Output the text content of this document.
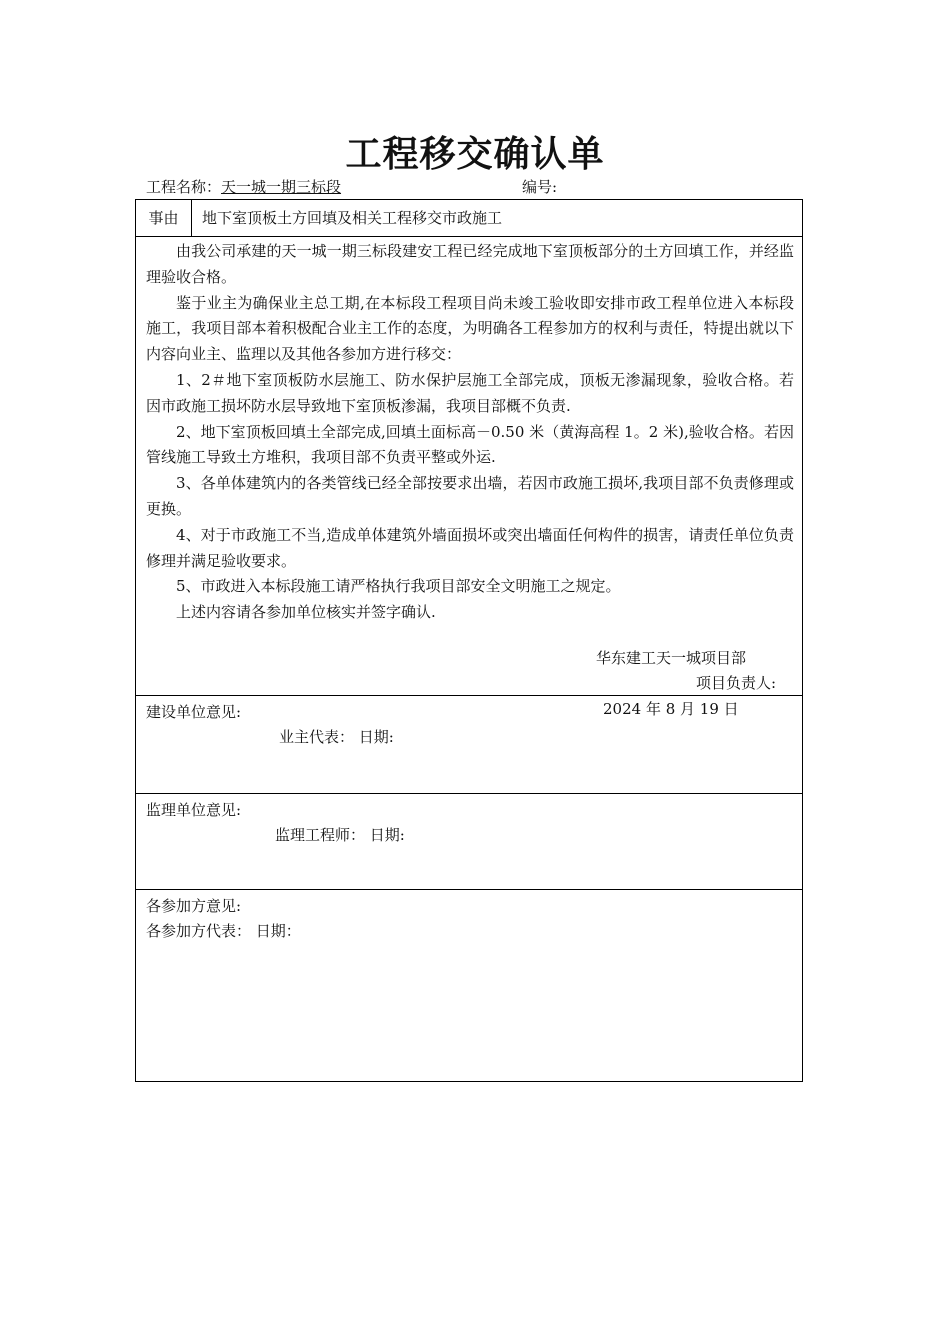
工程移交确认单
工程名称：天一城一期三标段	编号:
事由	地下室顶板土方回填及相关工程移交市政施工

由我公司承建的天一城一期三标段建安工程已经完成地下室顶板部分的土方回填工作，并经监理验收合格。

鉴于业主为确保业主总工期,在本标段工程项目尚未竣工验收即安排市政工程单位进入本标段施工，我项目部本着积极配合业主工作的态度，为明确各工程参加方的权利与责任，特提出就以下内容向业主、监理以及其他各参加方进行移交：

1、2＃地下室顶板防水层施工、防水保护层施工全部完成，顶板无渗漏现象，验收合格。若因市政施工损坏防水层导致地下室顶板渗漏，我项目部概不负责.

2、地下室顶板回填土全部完成,回填土面标高－0.50 米（黄海高程 1。2 米),验收合格。若因管线施工导致土方堆积，我项目部不负责平整或外运.

3、各单体建筑内的各类管线已经全部按要求出墙，若因市政施工损坏,我项目部不负责修理或更换。

4、对于市政施工不当,造成单体建筑外墙面损坏或突出墙面任何构件的损害，请责任单位负责修理并满足验收要求。

5、市政进入本标段施工请严格执行我项目部安全文明施工之规定。

上述内容请各参加单位核实并签字确认.

华东建工天一城项目部
项目负责人:
2024 年 8 月 19 日
建设单位意见:
业主代表： 日期:
监理单位意见:
监理工程师： 日期:
各参加方意见:
各参加方代表： 日期：
